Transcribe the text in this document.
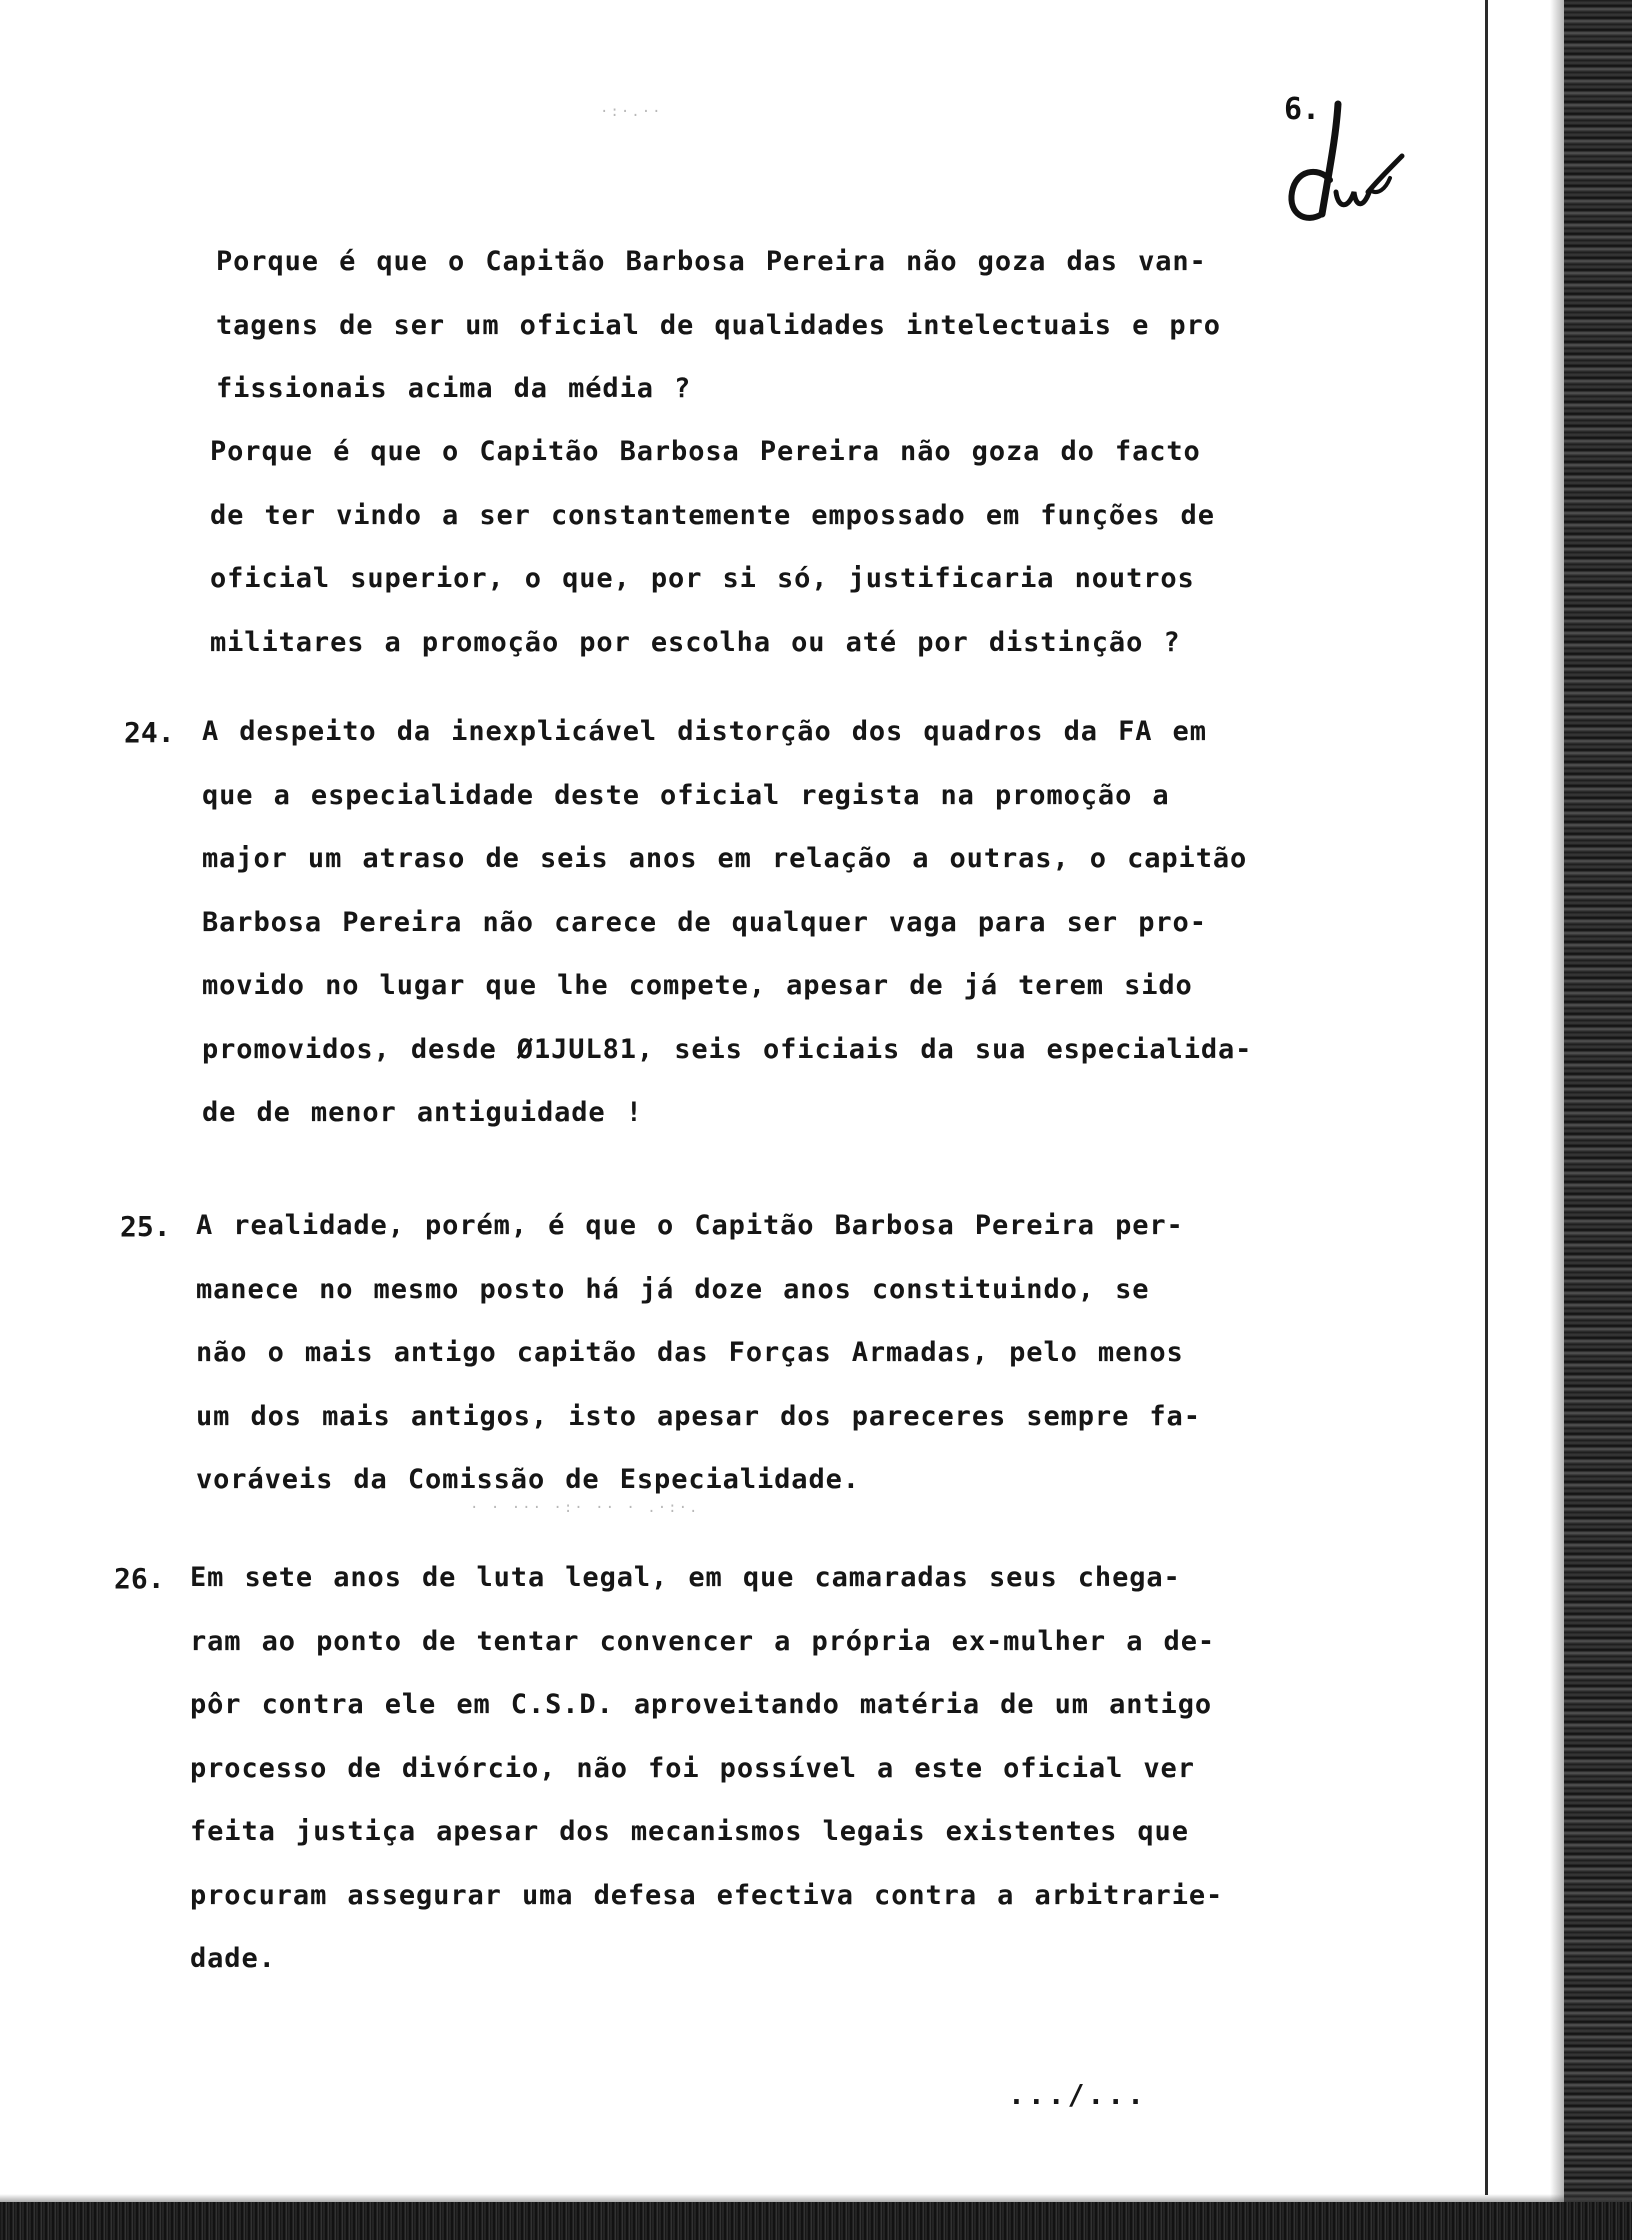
·:·.··
· · ··· ·:· ·· · .·:·.
6.

Porque é que o Capitão Barbosa Pereira não goza das van-
tagens de ser um oficial de qualidades intelectuais e pro
fissionais acima da média ?

Porque é que o Capitão Barbosa Pereira não goza do facto
de ter vindo a ser constantemente empossado em funções de
oficial superior, o que, por si só, justificaria noutros
militares a promoção por escolha ou até por distinção ?

24. A despeito da inexplicável distorção dos quadros da FA em
que a especialidade deste oficial regista na promoção a
major um atraso de seis anos em relação a outras, o capitão
Barbosa Pereira não carece de qualquer vaga para ser pro-
movido no lugar que lhe compete, apesar de já terem sido
promovidos, desde Ø1JUL81, seis oficiais da sua especialida-
de de menor antiguidade !

25. A realidade, porém, é que o Capitão Barbosa Pereira per-
manece no mesmo posto há já doze anos constituindo, se
não o mais antigo capitão das Forças Armadas, pelo menos
um dos mais antigos, isto apesar dos pareceres sempre fa-
voráveis da Comissão de Especialidade.

26. Em sete anos de luta legal, em que camaradas seus chega-
ram ao ponto de tentar convencer a própria ex-mulher a de-
pôr contra ele em C.S.D. aproveitando matéria de um antigo
processo de divórcio, não foi possível a este oficial ver
feita justiça apesar dos mecanismos legais existentes que
procuram assegurar uma defesa efectiva contra a arbitrarie-
dade.

.../...
